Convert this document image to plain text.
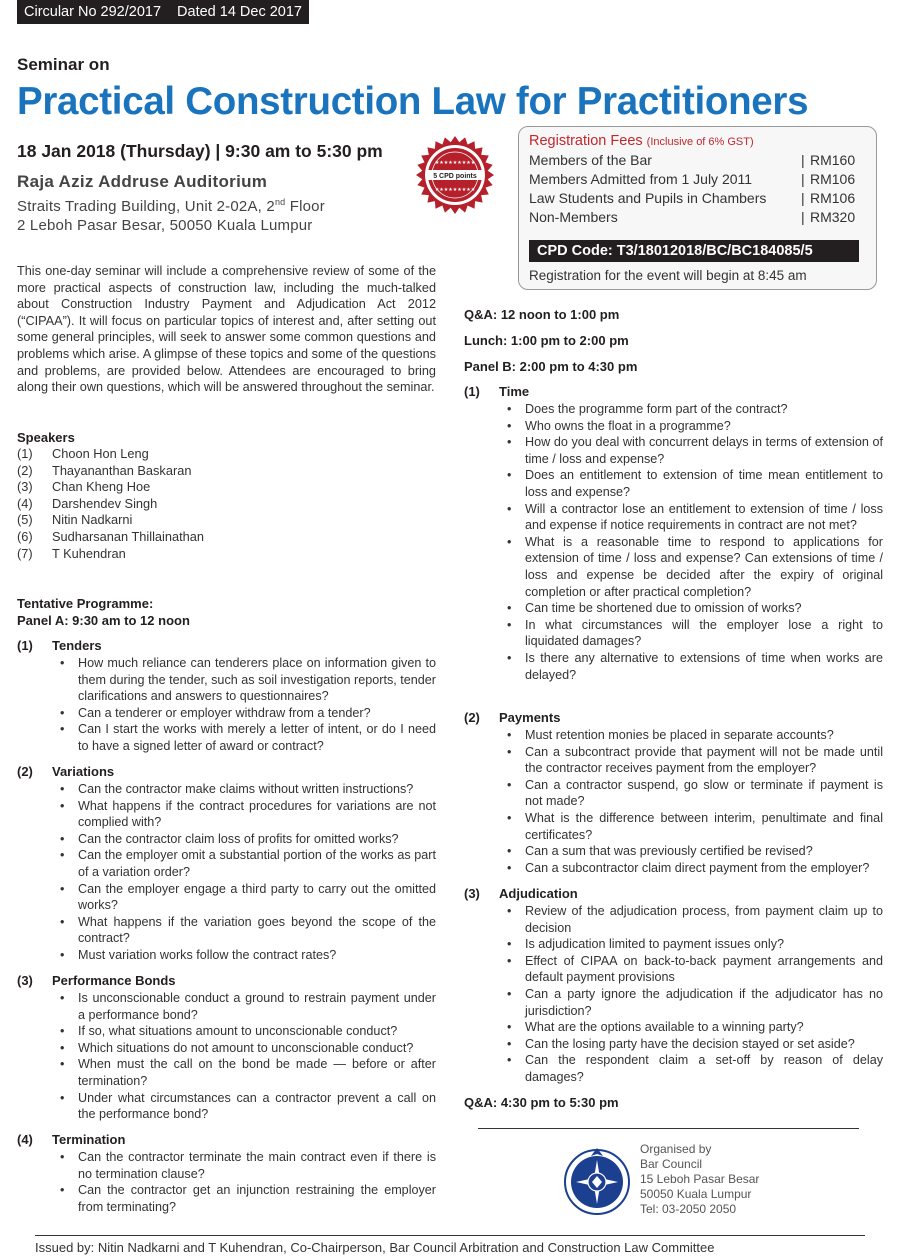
Circular No 292/2017 Dated 14 Dec 2017
Seminar on
Practical Construction Law for Practitioners
18 Jan 2018 (Thursday) | 9:30 am to 5:30 pm
Raja Aziz Addruse Auditorium
Straits Trading Building, Unit 2-02A, 2nd Floor
2 Leboh Pasar Besar, 50050 Kuala Lumpur
★★★★★★★★★
5 CPD points
★★★★★★★★★
Registration Fees (Inclusive of 6% GST)
Members of the Bar	| RM160
Members Admitted from 1 July 2011	| RM106
Law Students and Pupils in Chambers | RM106
Non-Members	| RM320
CPD Code: T3/18012018/BC/BC184085/5
Registration for the event will begin at 8:45 am
This one-day seminar will include a comprehensive review of some of the more practical aspects of construction law, including the much-talked about Construction Industry Payment and Adjudication Act 2012 (“CIPAA”). It will focus on particular topics of interest and, after setting out some general principles, will seek to answer some common questions and problems which arise. A glimpse of these topics and some of the questions and problems, are provided below. Attendees are encouraged to bring along their own questions, which will be answered throughout the seminar.
Speakers
(1) Choon Hon Leng
(2) Thayananthan Baskaran
(3) Chan Kheng Hoe
(4) Darshendev Singh
(5) Nitin Nadkarni
(6) Sudharsanan Thillainathan
(7) T Kuhendran
Tentative Programme:
Panel A: 9:30 am to 12 noon
(1) Tenders
• How much reliance can tenderers place on information given to them during the tender, such as soil investigation reports, tender clarifications and answers to questionnaires?
• Can a tenderer or employer withdraw from a tender?
• Can I start the works with merely a letter of intent, or do I need to have a signed letter of award or contract?
(2) Variations
• Can the contractor make claims without written instructions?
• What happens if the contract procedures for variations are not complied with?
• Can the contractor claim loss of profits for omitted works?
• Can the employer omit a substantial portion of the works as part of a variation order?
• Can the employer engage a third party to carry out the omitted works?
• What happens if the variation goes beyond the scope of the contract?
• Must variation works follow the contract rates?
(3) Performance Bonds
• Is unconscionable conduct a ground to restrain payment under a performance bond?
• If so, what situations amount to unconscionable conduct?
• Which situations do not amount to unconscionable conduct?
• When must the call on the bond be made — before or after termination?
• Under what circumstances can a contractor prevent a call on the performance bond?
(4) Termination
• Can the contractor terminate the main contract even if there is no termination clause?
• Can the contractor get an injunction restraining the employer from terminating?
Q&A: 12 noon to 1:00 pm
Lunch: 1:00 pm to 2:00 pm
Panel B: 2:00 pm to 4:30 pm
(1) Time
• Does the programme form part of the contract?
• Who owns the float in a programme?
• How do you deal with concurrent delays in terms of extension of time / loss and expense?
• Does an entitlement to extension of time mean entitlement to loss and expense?
• Will a contractor lose an entitlement to extension of time / loss and expense if notice requirements in contract are not met?
• What is a reasonable time to respond to applications for extension of time / loss and expense? Can extensions of time / loss and expense be decided after the expiry of original completion or after practical completion?
• Can time be shortened due to omission of works?
• In what circumstances will the employer lose a right to liquidated damages?
• Is there any alternative to extensions of time when works are delayed?
(2) Payments
• Must retention monies be placed in separate accounts?
• Can a subcontract provide that payment will not be made until the contractor receives payment from the employer?
• Can a contractor suspend, go slow or terminate if payment is not made?
• What is the difference between interim, penultimate and final certificates?
• Can a sum that was previously certified be revised?
• Can a subcontractor claim direct payment from the employer?
(3) Adjudication
• Review of the adjudication process, from payment claim up to decision
• Is adjudication limited to payment issues only?
• Effect of CIPAA on back-to-back payment arrangements and default payment provisions
• Can a party ignore the adjudication if the adjudicator has no jurisdiction?
• What are the options available to a winning party?
• Can the losing party have the decision stayed or set aside?
• Can the respondent claim a set-off by reason of delay damages?
Q&A: 4:30 pm to 5:30 pm
Organised by
Bar Council
15 Leboh Pasar Besar
50050 Kuala Lumpur
Tel: 03-2050 2050
Issued by: Nitin Nadkarni and T Kuhendran, Co-Chairperson, Bar Council Arbitration and Construction Law Committee
